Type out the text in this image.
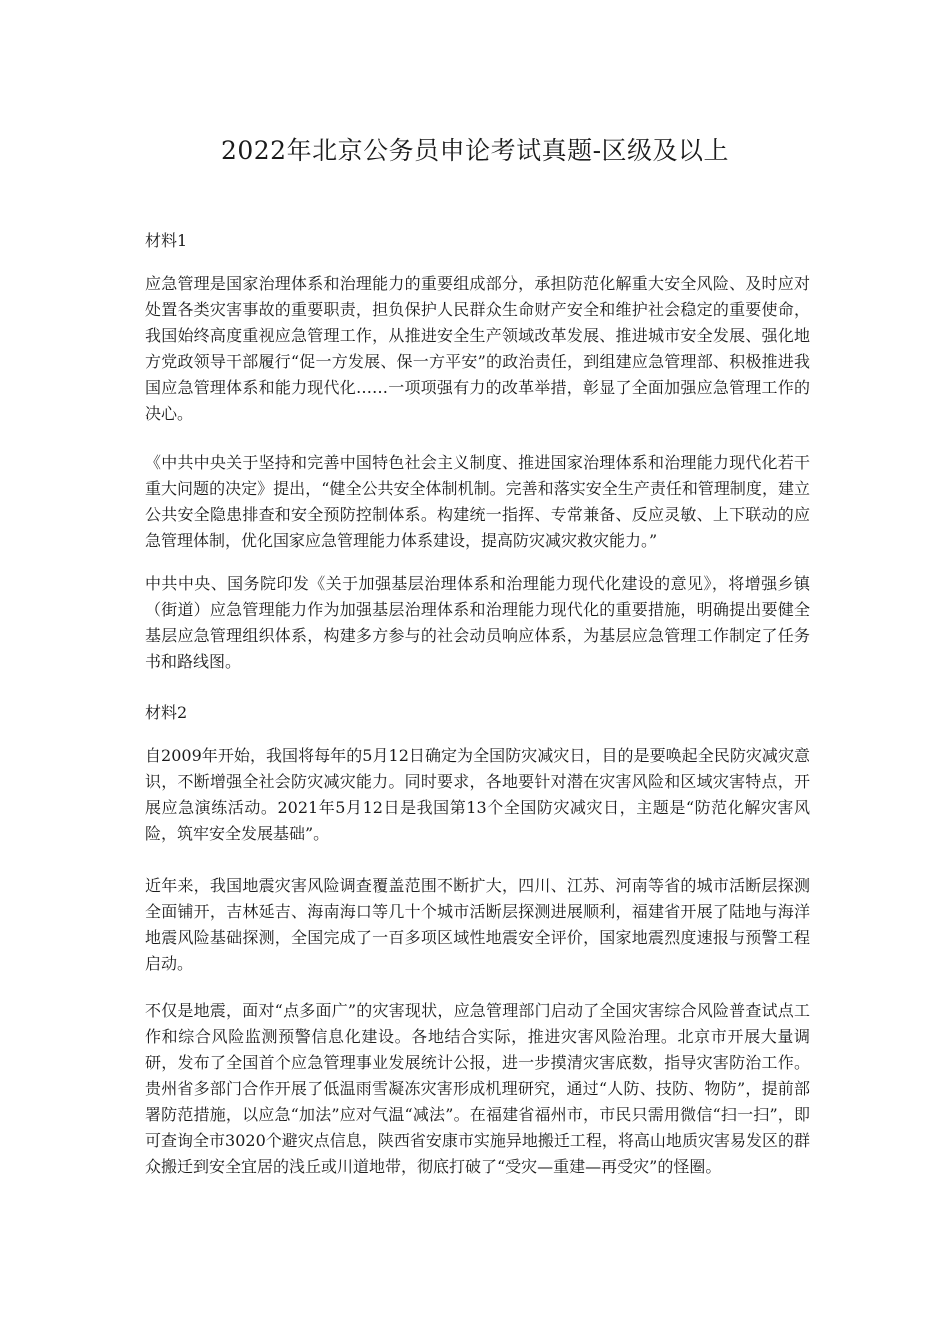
2022年北京公务员申论考试真题-区级及以上
材料1
应急管理是国家治理体系和治理能力的重要组成部分，承担防范化解重大安全风险、及时应对处置各类灾害事故的重要职责，担负保护人民群众生命财产安全和维护社会稳定的重要使命，我国始终高度重视应急管理工作，从推进安全生产领域改革发展、推进城市安全发展、强化地方党政领导干部履行“促一方发展、保一方平安”的政治责任，到组建应急管理部、积极推进我国应急管理体系和能力现代化……一项项强有力的改革举措，彰显了全面加强应急管理工作的决心。
《中共中央关于坚持和完善中国特色社会主义制度、推进国家治理体系和治理能力现代化若干重大问题的决定》提出，“健全公共安全体制机制。完善和落实安全生产责任和管理制度，建立公共安全隐患排查和安全预防控制体系。构建统一指挥、专常兼备、反应灵敏、上下联动的应急管理体制，优化国家应急管理能力体系建设，提高防灾减灾救灾能力。”
中共中央、国务院印发《关于加强基层治理体系和治理能力现代化建设的意见》，将增强乡镇（街道）应急管理能力作为加强基层治理体系和治理能力现代化的重要措施，明确提出要健全基层应急管理组织体系，构建多方参与的社会动员响应体系，为基层应急管理工作制定了任务书和路线图。
材料2
自2009年开始，我国将每年的5月12日确定为全国防灾减灾日，目的是要唤起全民防灾减灾意识，不断增强全社会防灾减灾能力。同时要求，各地要针对潜在灾害风险和区域灾害特点，开展应急演练活动。2021年5月12日是我国第13个全国防灾减灾日，主题是“防范化解灾害风险，筑牢安全发展基础”。
近年来，我国地震灾害风险调查覆盖范围不断扩大，四川、江苏、河南等省的城市活断层探测全面铺开，吉林延吉、海南海口等几十个城市活断层探测进展顺利，福建省开展了陆地与海洋地震风险基础探测，全国完成了一百多项区域性地震安全评价，国家地震烈度速报与预警工程启动。
不仅是地震，面对“点多面广”的灾害现状，应急管理部门启动了全国灾害综合风险普查试点工作和综合风险监测预警信息化建设。各地结合实际，推进灾害风险治理。北京市开展大量调研，发布了全国首个应急管理事业发展统计公报，进一步摸清灾害底数，指导灾害防治工作。贵州省多部门合作开展了低温雨雪凝冻灾害形成机理研究，通过“人防、技防、物防”，提前部署防范措施，以应急“加法”应对气温“减法”。在福建省福州市，市民只需用微信“扫一扫”，即可查询全市3020个避灾点信息，陕西省安康市实施异地搬迁工程，将高山地质灾害易发区的群众搬迁到安全宜居的浅丘或川道地带，彻底打破了“受灾—重建—再受灾”的怪圈。
